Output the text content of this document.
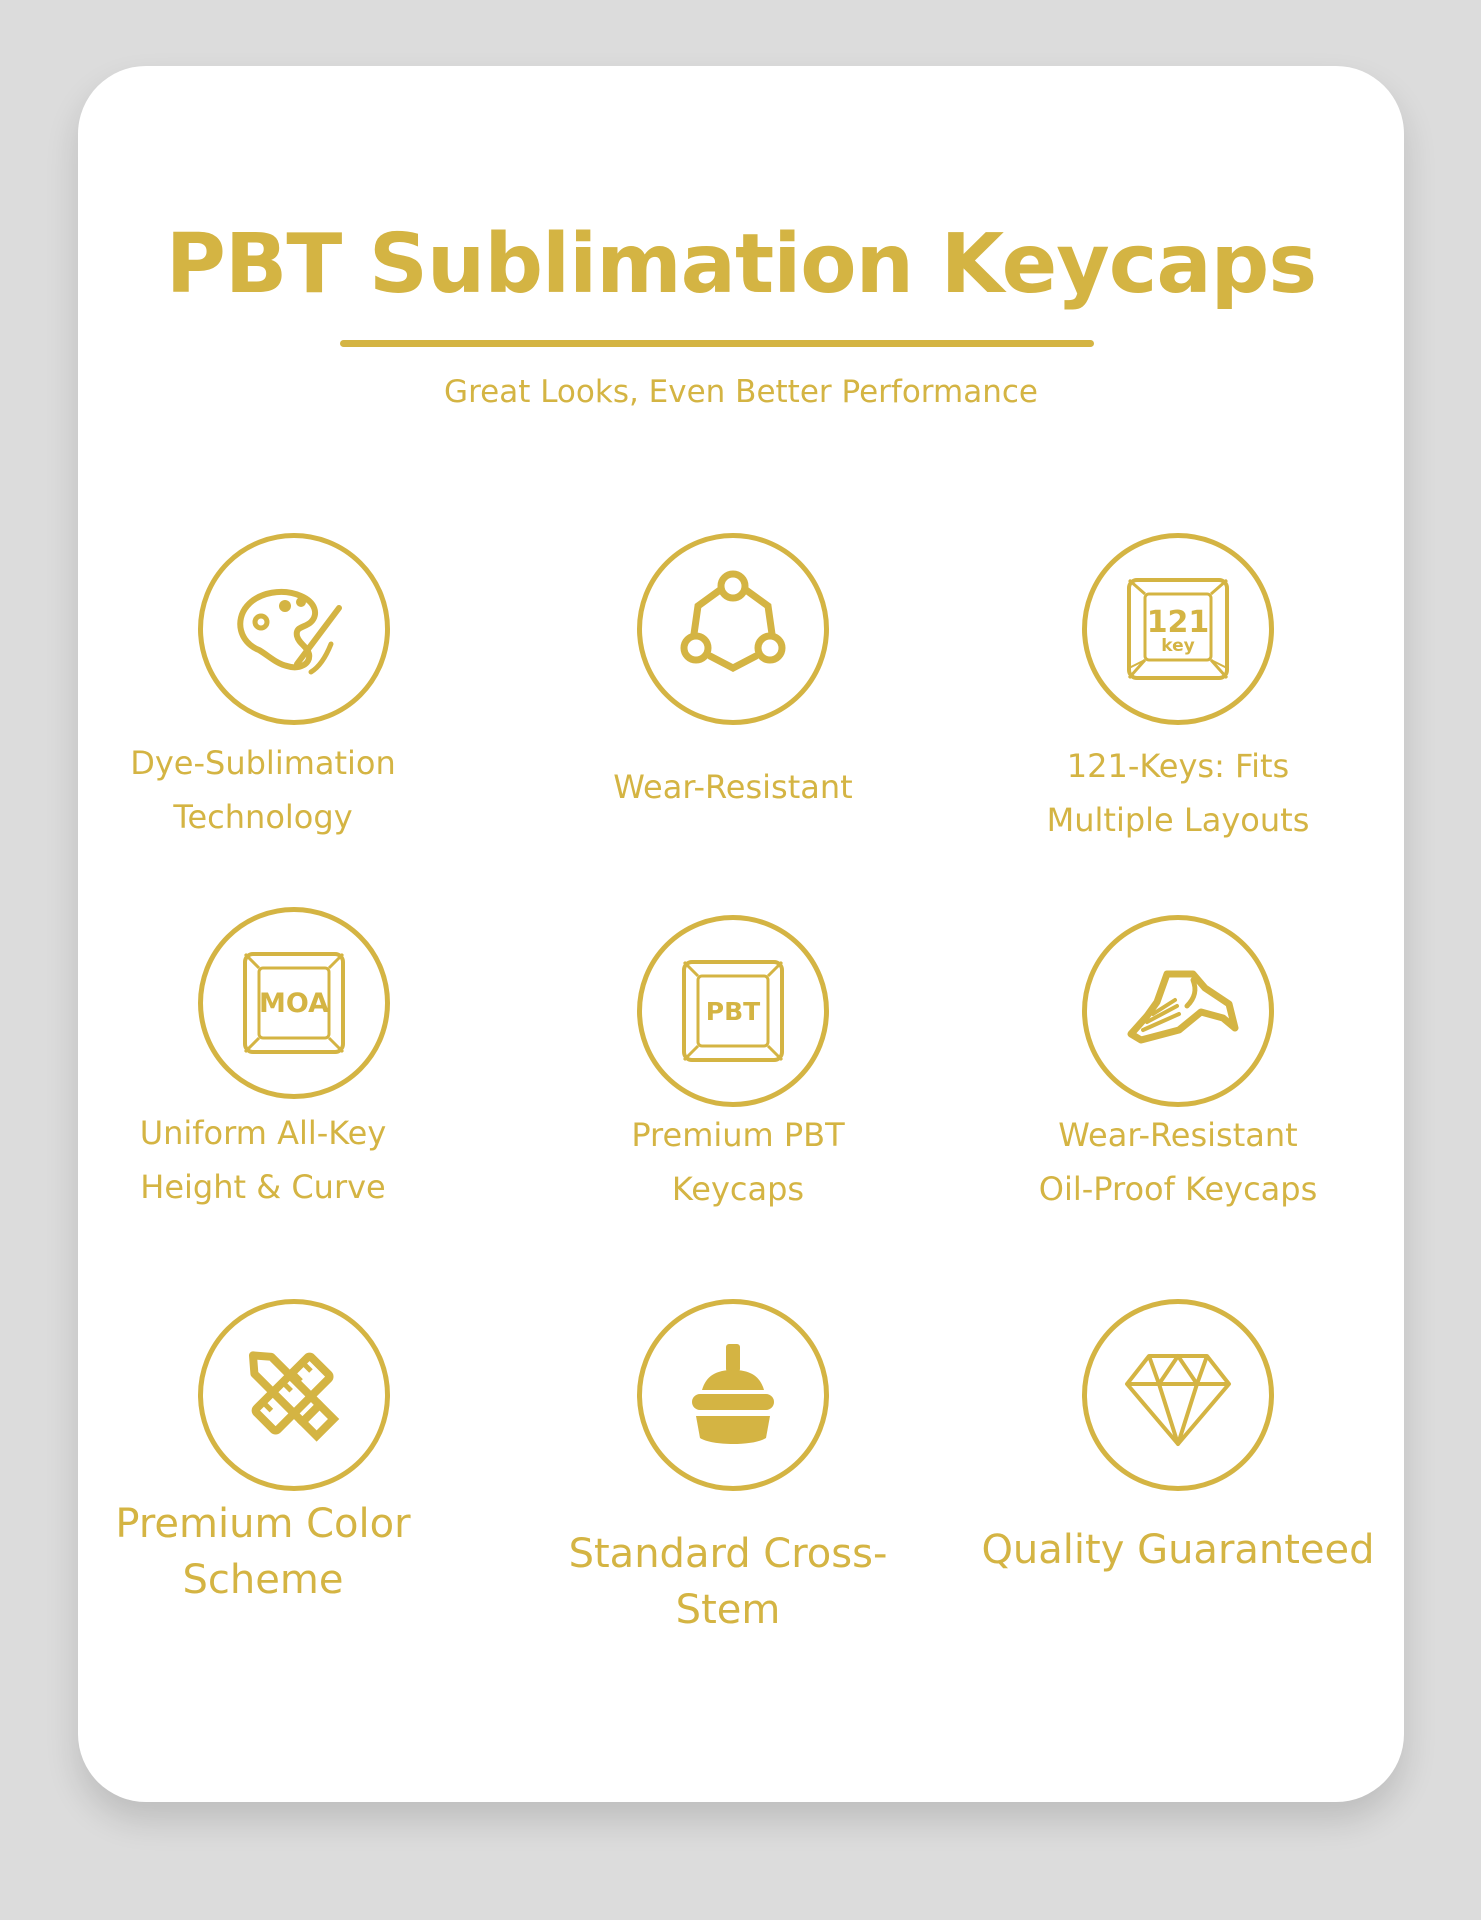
PBT Sublimation Keycaps
Great Looks, Even Better Performance
Dye-Sublimation
Technology
Wear-Resistant
121
key
121-Keys: Fits
Multiple Layouts
MOA
Uniform All-Key
Height & Curve
PBT
Premium PBT
Keycaps
Wear-Resistant
Oil-Proof Keycaps
Premium Color
Scheme
Standard Cross-Stem
Quality Guaranteed
